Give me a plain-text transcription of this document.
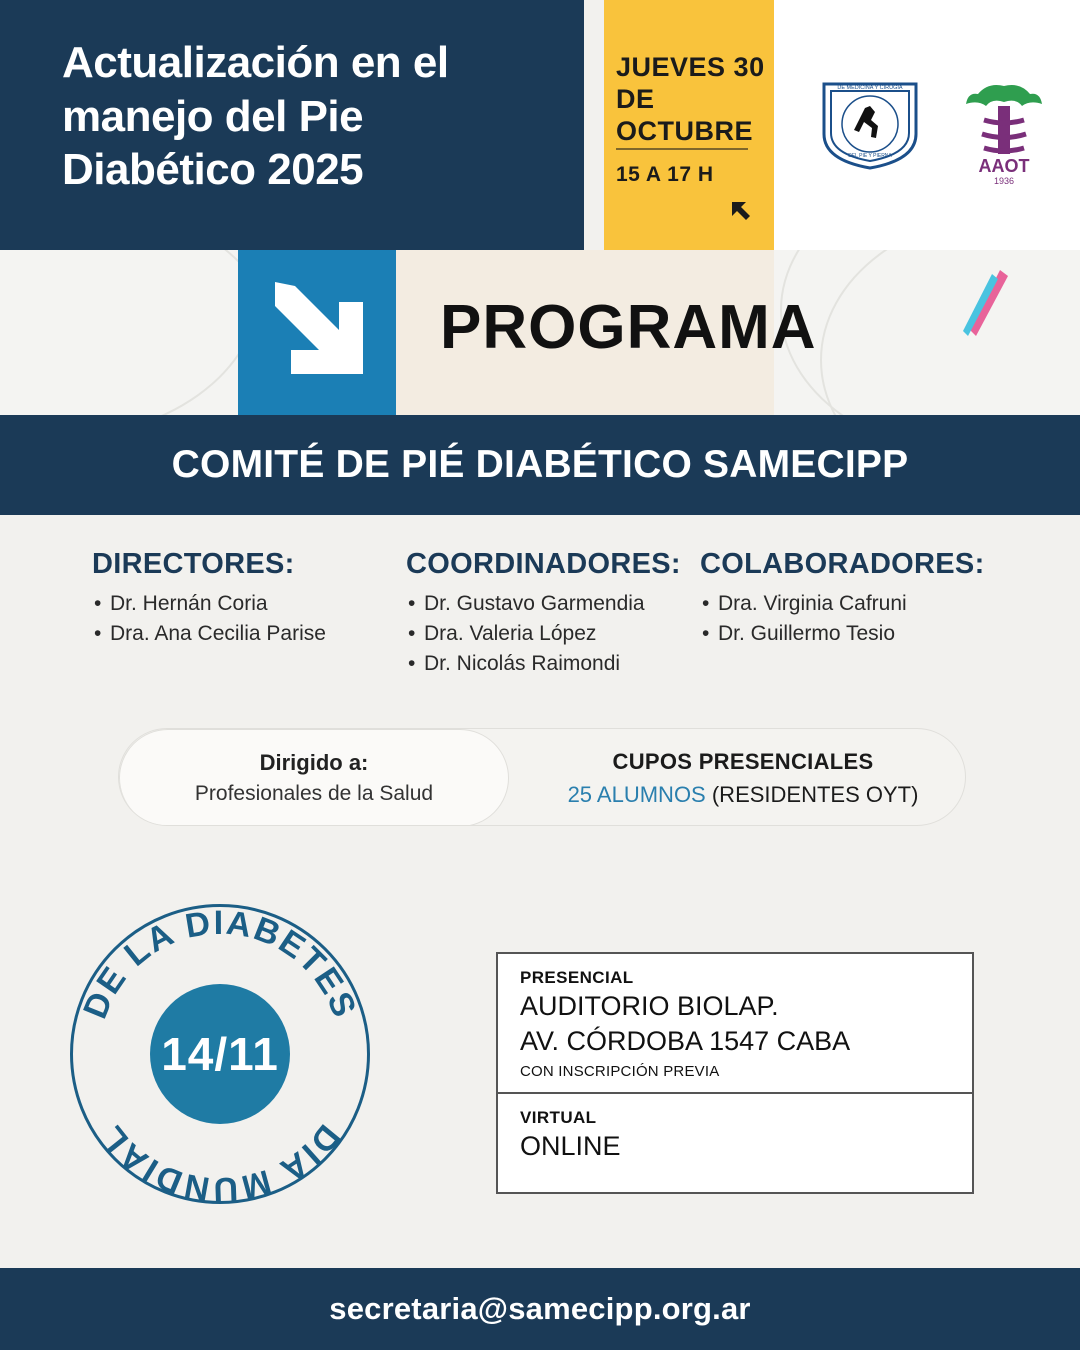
Actualización en el manejo del Pie Diabético 2025
JUEVES 30
DE OCTUBRE
15 A 17 H
DE MEDICINA Y CIRUGIA
DEL PIE Y PIERNA	AAOT
1936
PROGRAMA
COMITÉ DE PIÉ DIABÉTICO SAMECIPP
DIRECTORES:
• Dr. Hernán Coria
• Dra. Ana Cecilia Parise
COORDINADORES:
• Dr. Gustavo Garmendia
• Dra. Valeria López
• Dr. Nicolás Raimondi
COLABORADORES:
• Dra. Virginia Cafruni
• Dr. Guillermo Tesio
Dirigido a:
Profesionales de la Salud
CUPOS PRESENCIALES
25 ALUMNOS (RESIDENTES OYT)
DE LA DIABETES
DIA MUNDIAL
14/11
PRESENCIAL
AUDITORIO BIOLAP.
AV. CÓRDOBA 1547 CABA
CON INSCRIPCIÓN PREVIA
VIRTUAL
ONLINE
secretaria@samecipp.org.ar
